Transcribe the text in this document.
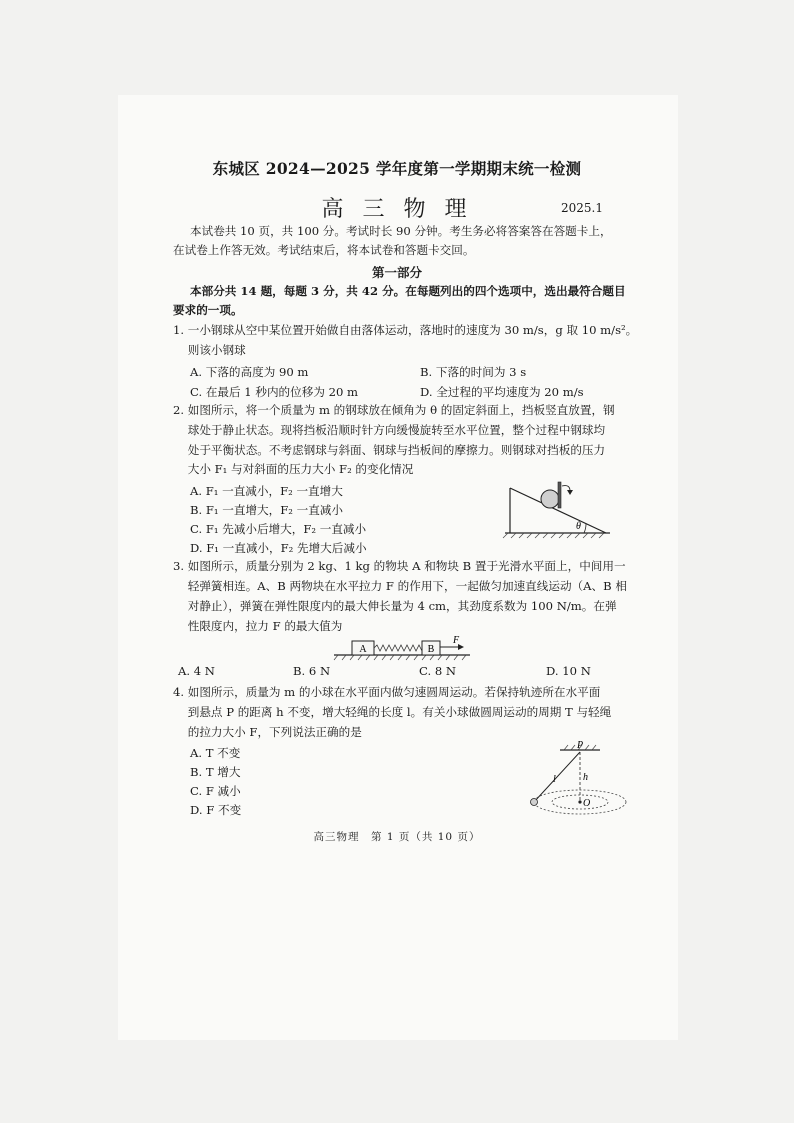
东城区 2024—2025 学年度第一学期期末统一检测
高 三 物 理	2025.1
本试卷共 10 页，共 100 分。考试时长 90 分钟。考生务必将答案答在答题卡上，
在试卷上作答无效。考试结束后，将本试卷和答题卡交回。
第一部分
本部分共 14 题，每题 3 分，共 42 分。在每题列出的四个选项中，选出最符合题目
要求的一项。
1. 一小钢球从空中某位置开始做自由落体运动，落地时的速度为 30 m/s，g 取 10 m/s²。
则该小钢球
A. 下落的高度为 90 m	B. 下落的时间为 3 s
C. 在最后 1 秒内的位移为 20 m	D. 全过程的平均速度为 20 m/s
2. 如图所示，将一个质量为 m 的钢球放在倾角为 θ 的固定斜面上，挡板竖直放置，钢
球处于静止状态。现将挡板沿顺时针方向缓慢旋转至水平位置，整个过程中钢球均
处于平衡状态。不考虑钢球与斜面、钢球与挡板间的摩擦力。则钢球对挡板的压力
大小 F₁ 与对斜面的压力大小 F₂ 的变化情况
A. F₁ 一直减小，F₂ 一直增大
B. F₁ 一直增大，F₂ 一直减小
C. F₁ 先减小后增大，F₂ 一直减小
D. F₁ 一直减小，F₂ 先增大后减小
θ
3. 如图所示，质量分别为 2 kg、1 kg 的物块 A 和物块 B 置于光滑水平面上，中间用一
轻弹簧相连。A、B 两物块在水平拉力 F 的作用下，一起做匀加速直线运动（A、B 相
对静止），弹簧在弹性限度内的最大伸长量为 4 cm，其劲度系数为 100 N/m。在弹
性限度内，拉力 F 的最大值为
A	B
F
A. 4 N	B. 6 N	C. 8 N	D. 10 N
4. 如图所示，质量为 m 的小球在水平面内做匀速圆周运动。若保持轨迹所在水平面
到悬点 P 的距离 h 不变，增大轻绳的长度 l。有关小球做圆周运动的周期 T 与轻绳
的拉力大小 F，下列说法正确的是
A. T 不变
B. T 增大
C. F 减小
D. F 不变
P
h
l
O
高三物理　第 1 页（共 10 页）
